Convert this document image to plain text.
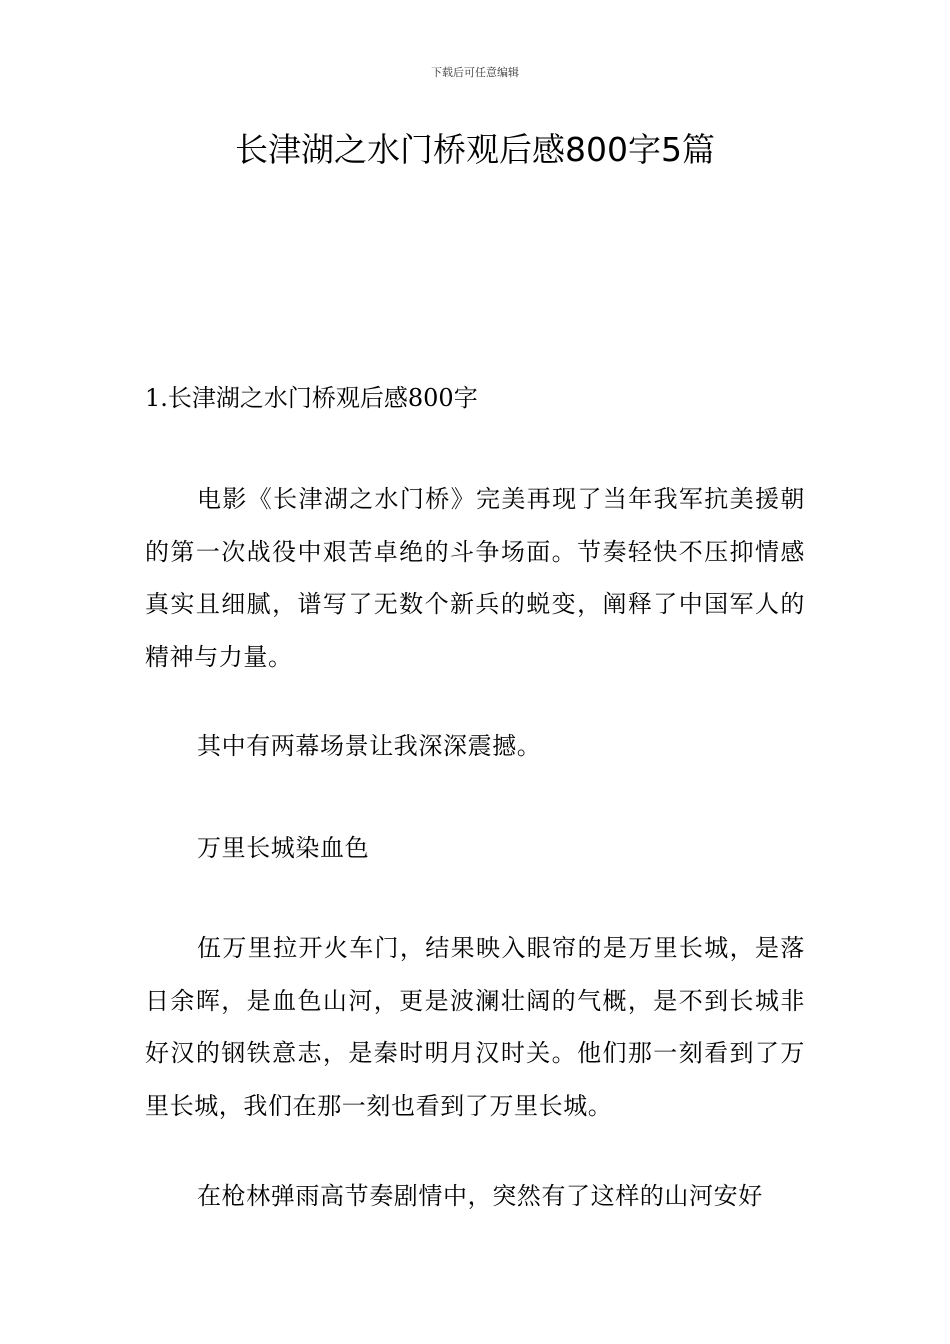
下载后可任意编辑
长津湖之水门桥观后感800字5篇
1.长津湖之水门桥观后感800字

电影《长津湖之水门桥》完美再现了当年我军抗美援朝的第一次战役中艰苦卓绝的斗争场面。节奏轻快不压抑情感真实且细腻，谱写了无数个新兵的蜕变，阐释了中国军人的精神与力量。

其中有两幕场景让我深深震撼。

万里长城染血色

伍万里拉开火车门，结果映入眼帘的是万里长城，是落日余晖，是血色山河，更是波澜壮阔的气概，是不到长城非好汉的钢铁意志，是秦时明月汉时关。他们那一刻看到了万里长城，我们在那一刻也看到了万里长城。

在枪林弹雨高节奏剧情中，突然有了这样的山河安好
